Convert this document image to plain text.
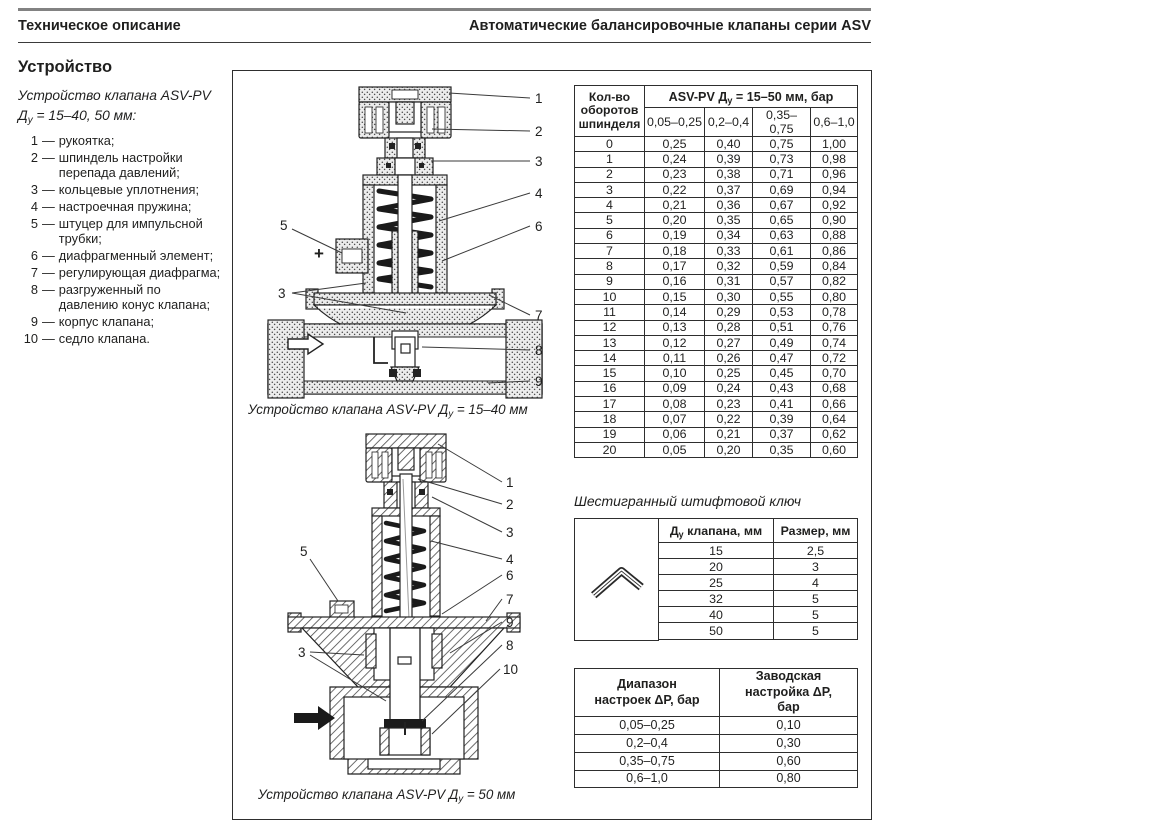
Техническое описание	Автоматические балансировочные клапаны серии ASV
Устройство

Устройство клапана ASV-PV
$Д_у = 15-40$, 50 мм:

1 — рукоятка;
2 — шпиндель настройки перепада давлений;
3 — кольцевые уплотнения;
4 — настроечная пружина;
5 — штуцер для импульсной трубки;
6 — диафрагменный элемент;
7 — регулирующая диафрагма;
8 — разгруженный по давлению конус клапана;
9 — корпус клапана;
10 — седло клапана.
1
2
3
4
6
5
+
3
7
8
9
Устройство клапана ASV-PV $Д_у = 15-40$ мм
1
2
3
4
5
6
7
9
8
10
3
Устройство клапана ASV-PV $Д_у = 50$ мм
Кол-во оборотов шпинделя	ASV-PV $Д_у = 15-50$ мм, бар			
	0,05–0,25	0,2–0,4	0,35–0,75	0,6–1,0
0	0,25	0,40	0,75	1,00
1	0,24	0,39	0,73	0,98
2	0,23	0,38	0,71	0,96
3	0,22	0,37	0,69	0,94
4	0,21	0,36	0,67	0,92
5	0,20	0,35	0,65	0,90
6	0,19	0,34	0,63	0,88
7	0,18	0,33	0,61	0,86
8	0,17	0,32	0,59	0,84
9	0,16	0,31	0,57	0,82
10	0,15	0,30	0,55	0,80
11	0,14	0,29	0,53	0,78
12	0,13	0,28	0,51	0,76
13	0,12	0,27	0,49	0,74
14	0,11	0,26	0,47	0,72
15	0,10	0,25	0,45	0,70
16	0,09	0,24	0,43	0,68
17	0,08	0,23	0,41	0,66
18	0,07	0,22	0,39	0,64
19	0,06	0,21	0,37	0,62
20	0,05	0,20	0,35	0,60
Шестигранный штифтовой ключ
$Д_у$ клапана, мм	Размер, мм
15	2,5
20	3
25	4
32	5
40	5
50	5
Диапазон настроек ΔР, бар	Заводская настройка ΔР, бар
0,05–0,25	0,10
0,2–0,4	0,30
0,35–0,75	0,60
0,6–1,0	0,80
